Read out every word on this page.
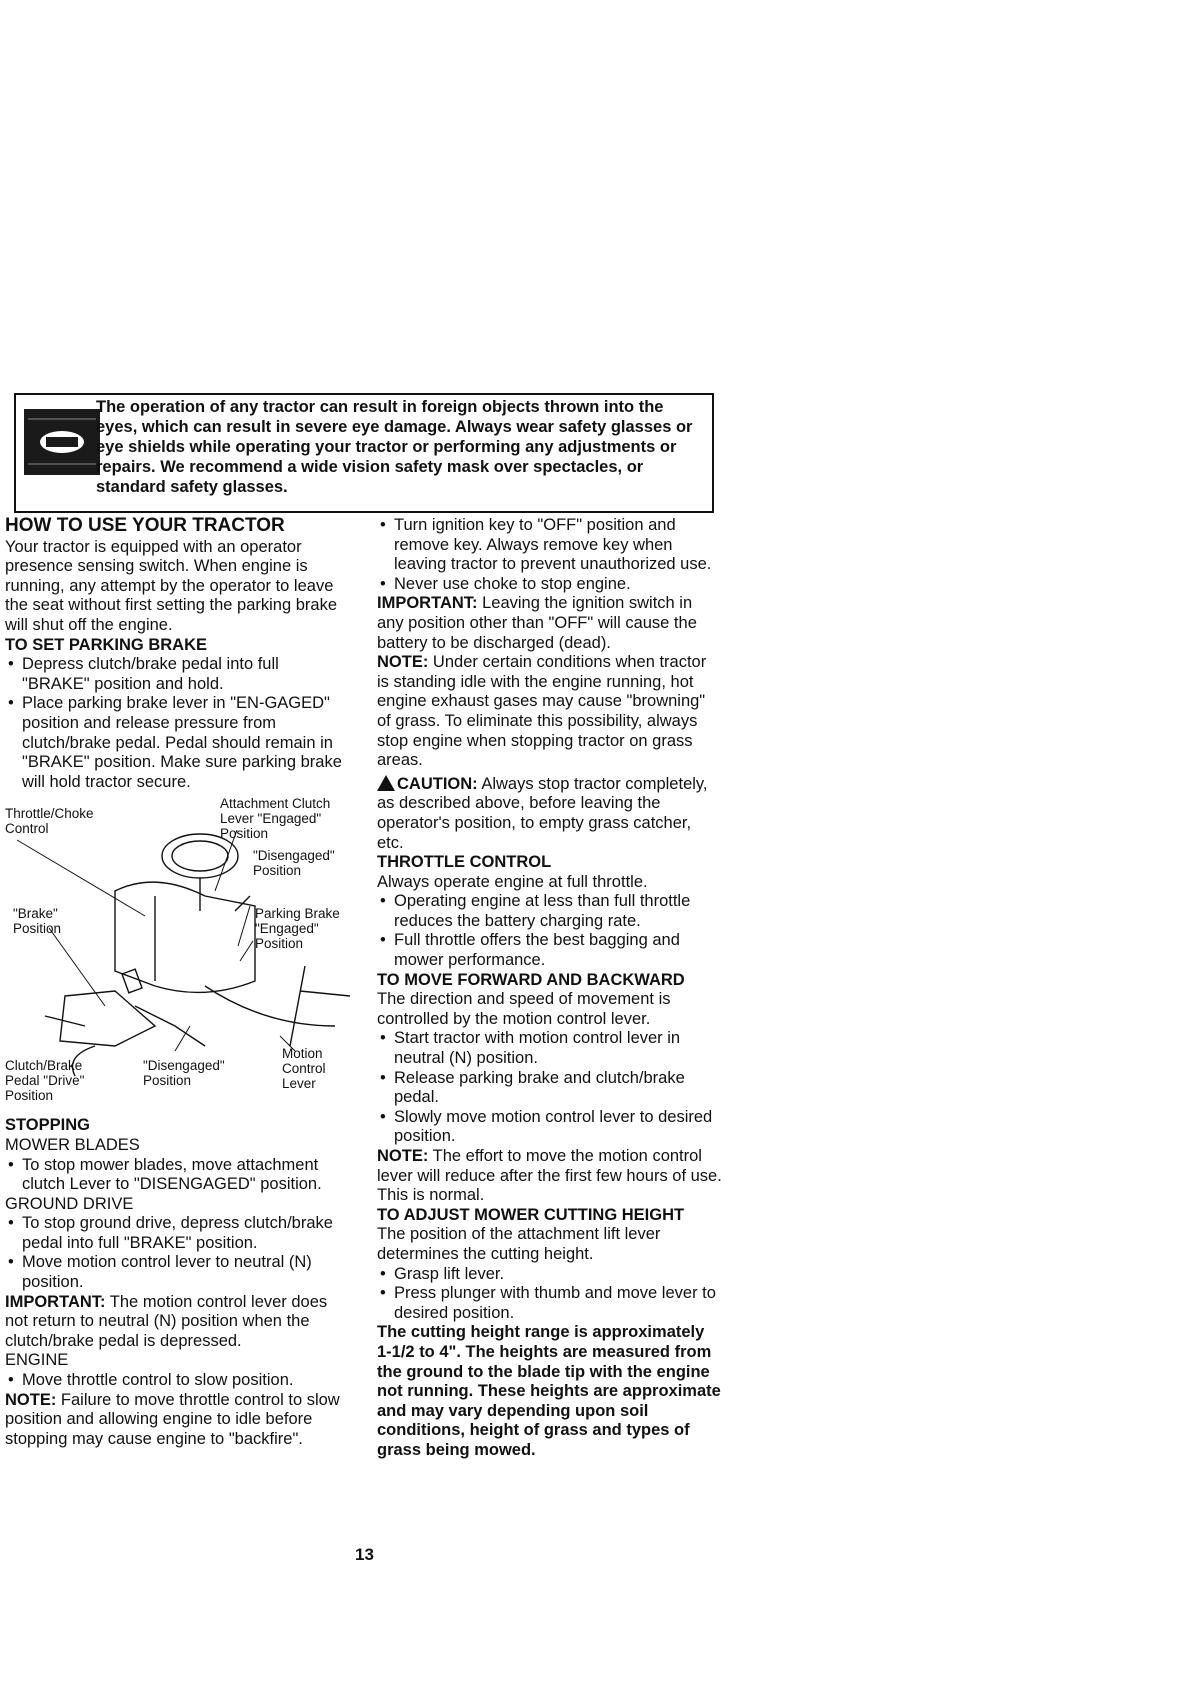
The operation of any tractor can result in foreign objects thrown into the eyes, which can result in severe eye damage. Always wear safety glasses or eye shields while operating your tractor or performing any adjustments or repairs. We recommend a wide vision safety mask over spectacles, or standard safety glasses.
HOW TO USE YOUR TRACTOR

Your tractor is equipped with an operator presence sensing switch. When engine is running, any attempt by the operator to leave the seat without first setting the parking brake will shut off the engine.

TO SET PARKING BRAKE
• Depress clutch/brake pedal into full "BRAKE" position and hold.
• Place parking brake lever in "EN-GAGED" position and release pressure from clutch/brake pedal. Pedal should remain in "BRAKE" position. Make sure parking brake will hold tractor secure.
Throttle/Choke Control
Attachment Clutch Lever "Engaged" Position
"Disengaged" Position
"Brake" Position
Parking Brake "Engaged" Position
Clutch/Brake Pedal "Drive" Position
"Disengaged" Position
Motion Control Lever
STOPPING
MOWER BLADES
• To stop mower blades, move attachment clutch Lever to "DISENGAGED" position.
GROUND DRIVE
• To stop ground drive, depress clutch/brake pedal into full "BRAKE" position.
• Move motion control lever to neutral (N) position.

IMPORTANT: The motion control lever does not return to neutral (N) position when the clutch/brake pedal is depressed.

ENGINE
• Move throttle control to slow position.

NOTE: Failure to move throttle control to slow position and allowing engine to idle before stopping may cause engine to "backfire".

• Turn ignition key to "OFF" position and remove key. Always remove key when leaving tractor to prevent unauthorized use.
• Never use choke to stop engine.

IMPORTANT: Leaving the ignition switch in any position other than "OFF" will cause the battery to be discharged (dead).

NOTE: Under certain conditions when tractor is standing idle with the engine running, hot engine exhaust gases may cause "browning" of grass. To eliminate this possibility, always stop engine when stopping tractor on grass areas.

CAUTION: Always stop tractor completely, as described above, before leaving the operator's position, to empty grass catcher, etc.

THROTTLE CONTROL

Always operate engine at full throttle.

• Operating engine at less than full throttle reduces the battery charging rate.
• Full throttle offers the best bagging and mower performance.
TO MOVE FORWARD AND BACKWARD

The direction and speed of movement is controlled by the motion control lever.

• Start tractor with motion control lever in neutral (N) position.
• Release parking brake and clutch/brake pedal.
• Slowly move motion control lever to desired position.

NOTE: The effort to move the motion control lever will reduce after the first few hours of use. This is normal.

TO ADJUST MOWER CUTTING HEIGHT

The position of the attachment lift lever determines the cutting height.

• Grasp lift lever.
• Press plunger with thumb and move lever to desired position.

The cutting height range is approximately 1-1/2 to 4". The heights are measured from the ground to the blade tip with the engine not running. These heights are approximate and may vary depending upon soil conditions, height of grass and types of grass being mowed.

13
